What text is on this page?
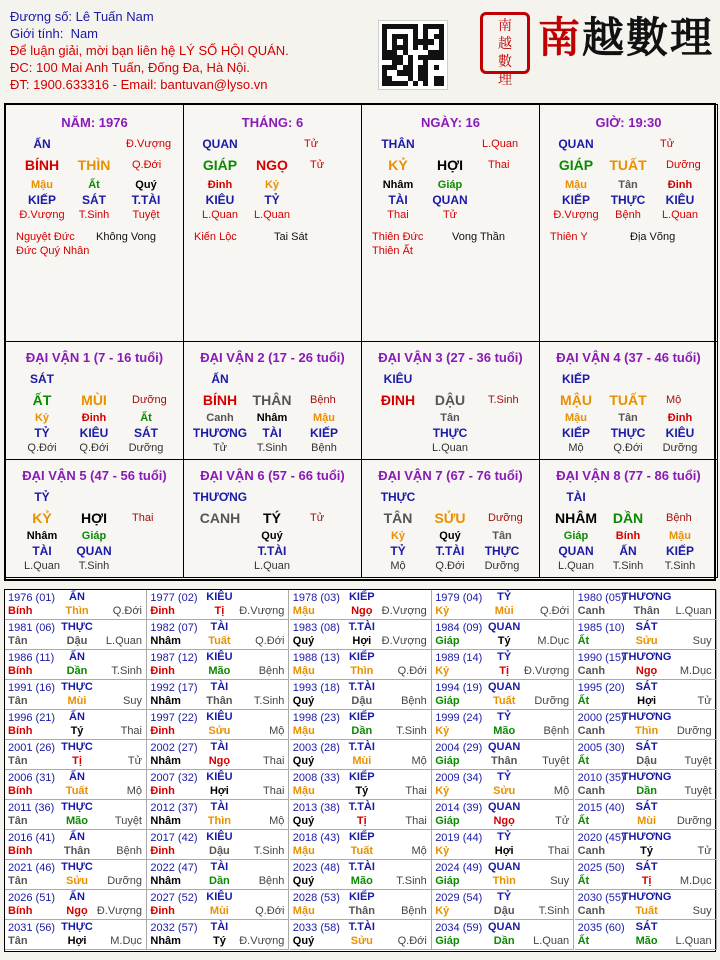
Đương số: Lê Tuấn Nam
Giới tính: Nam
Để luận giải, mời bạn liên hệ LÝ SỐ HỘI QUÁN.
ĐC: 100 Mai Anh Tuấn, Đống Đa, Hà Nội.
ĐT: 1900.633316 - Email: bantuvan@lyso.vn
南
越
數
理
南越數理
NĂM: 1976
ẤN	Đ.Vượng
BÍNH THÌN Q.Đới
Mậu
KIẾP
Đ.Vượng
Ất
SÁT
T.Sinh
Quý
T.TÀI
Tuyệt
Nguyệt Đức
Đức Quý Nhân
Không Vong
THÁNG: 6
QUAN	Tử
GIÁP NGỌ Tử
Đinh
KIÊU
L.Quan
Kỷ
TỶ
L.Quan
Kiến Lộc	Tai Sát
NGÀY: 16
THÂN	L.Quan
KỶ HỢI Thai
Nhâm
TÀI
Thai
Giáp
QUAN
Tử
Thiên Đức
Thiên Ất
Vong Thần
GIỜ: 19:30
QUAN	Tử
GIÁP TUẤT Dưỡng
Mậu
KIẾP
Đ.Vượng
Tân
THỰC
Bệnh
Đinh
KIÊU
L.Quan
Thiên Y	Địa Võng
ĐẠI VẬN 1 (7 - 16 tuổi)
SÁT
ẤT MÙI Dưỡng
Kỷ
TỶ
Q.Đới
Đinh
KIÊU
Q.Đới
Ất
SÁT
Dưỡng
ĐẠI VẬN 2 (17 - 26 tuổi)
ẤN
BÍNH THÂN Bệnh
Canh
THƯƠNG
Tử
Nhâm
TÀI
T.Sinh
Mậu
KIẾP
Bệnh
ĐẠI VẬN 3 (27 - 36 tuổi)
KIÊU
ĐINH DẬU T.Sinh
Tân
THỰC
L.Quan
ĐẠI VẬN 4 (37 - 46 tuổi)
KIẾP
MẬU TUẤT Mộ
Mậu
KIẾP
Mộ
Tân
THỰC
Q.Đới
Đinh
KIÊU
Dưỡng
ĐẠI VẬN 5 (47 - 56 tuổi)
TỶ
KỶ HỢI Thai
Nhâm
TÀI
L.Quan
Giáp
QUAN
T.Sinh
ĐẠI VẬN 6 (57 - 66 tuổi)
THƯƠNG
CANH TÝ	Tử
Quý
T.TÀI
L.Quan
ĐẠI VẬN 7 (67 - 76 tuổi)
THỰC
TÂN SỬU Dưỡng
Kỷ
TỶ
Mộ
Quý
T.TÀI
Q.Đới
Tân
THỰC
Dưỡng
ĐẠI VẬN 8 (77 - 86 tuổi)
TÀI
NHÂM DẦN Bệnh
Giáp
QUAN
L.Quan
Bính
ẤN
T.Sinh
Mậu
KIẾP
T.Sinh
1976 (01) ẤN
Bính	Thìn Q.Đới
1977 (02) KIÊU
Đinh	Tị Đ.Vượng
1978 (03) KIẾP
Mậu	Ngọ Đ.Vượng
1979 (04) TỶ
Kỷ	Mùi Q.Đới
1980 (05)
THƯƠNG
Canh	Thân L.Quan
1981 (06) THỰC
Tân	Dậu L.Quan
1982 (07) TÀI
Nhâm Tuất Q.Đới
1983 (08) T.TÀI
Quý	Hợi Đ.Vượng
1984 (09) QUAN
Giáp	Tý M.Dục
1985 (10) SÁT
Ất	Sửu	Suy
1986 (11) ẤN
Bính	Dần T.Sinh
1987 (12) KIÊU
Đinh	Mão	Bệnh
1988 (13) KIẾP
Mậu	Thìn Q.Đới
1989 (14) TỶ
Kỷ	Tị Đ.Vượng
1990 (15)
THƯƠNG
Canh	Ngọ M.Dục
1991 (16) THỰC
Tân	Mùi	Suy
1992 (17) TÀI
Nhâm Thân T.Sinh
1993 (18) T.TÀI
Quý	Dậu	Bệnh
1994 (19) QUAN
Giáp	Tuất Dưỡng
1995 (20) SÁT
Ất	Hợi	Tử
1996 (21) ẤN
Bính	Tý	Thai
1997 (22) KIÊU
Đinh	Sửu	Mộ
1998 (23) KIẾP
Mậu	Dần T.Sinh
1999 (24) TỶ
Kỷ	Mão	Bệnh
2000 (25)
THƯƠNG
Canh	Thìn Dưỡng
2001 (26) THỰC
Tân	Tị	Tử
2002 (27) TÀI
Nhâm	Ngọ	Thai
2003 (28) T.TÀI
Quý	Mùi	Mộ
2004 (29) QUAN
Giáp	Thân Tuyệt
2005 (30) SÁT
Ất	Dậu	Tuyệt
2006 (31) ẤN
Bính	Tuất	Mộ
2007 (32) KIÊU
Đinh	Hợi	Thai
2008 (33) KIẾP
Mậu	Tý	Thai
2009 (34) TỶ
Kỷ	Sửu	Mộ
2010 (35)
THƯƠNG
Canh	Dần	Tuyệt
2011 (36) THỰC
Tân	Mão Tuyệt
2012 (37) TÀI
Nhâm Thìn	Mộ
2013 (38) T.TÀI
Quý	Tị	Thai
2014 (39) QUAN
Giáp	Ngọ	Tử
2015 (40) SÁT
Ất	Mùi Dưỡng
2016 (41) ẤN
Bính	Thân Bệnh
2017 (42) KIÊU
Đinh	Dậu T.Sinh
2018 (43) KIẾP
Mậu	Tuất	Mộ
2019 (44) TỶ
Kỷ	Hợi	Thai
2020 (45)
THƯƠNG
Canh	Tý	Tử
2021 (46) THỰC
Tân	Sửu Dưỡng
2022 (47) TÀI
Nhâm	Dần	Bệnh
2023 (48) T.TÀI
Quý	Mão T.Sinh
2024 (49) QUAN
Giáp	Thìn	Suy
2025 (50) SÁT
Ất	Tị	M.Dục
2026 (51) ẤN
Bính	Ngọ Đ.Vượng
2027 (52) KIÊU
Đinh	Mùi Q.Đới
2028 (53) KIẾP
Mậu	Thân Bệnh
2029 (54) TỶ
Kỷ	Dậu T.Sinh
2030 (55)
THƯƠNG
Canh	Tuất	Suy
2031 (56) THỰC
Tân	Hợi M.Dục
2032 (57) TÀI
Nhâm	Tý Đ.Vượng
2033 (58) T.TÀI
Quý	Sửu Q.Đới
2034 (59) QUAN
Giáp	Dần L.Quan
2035 (60) SÁT
Ất	Mão L.Quan
